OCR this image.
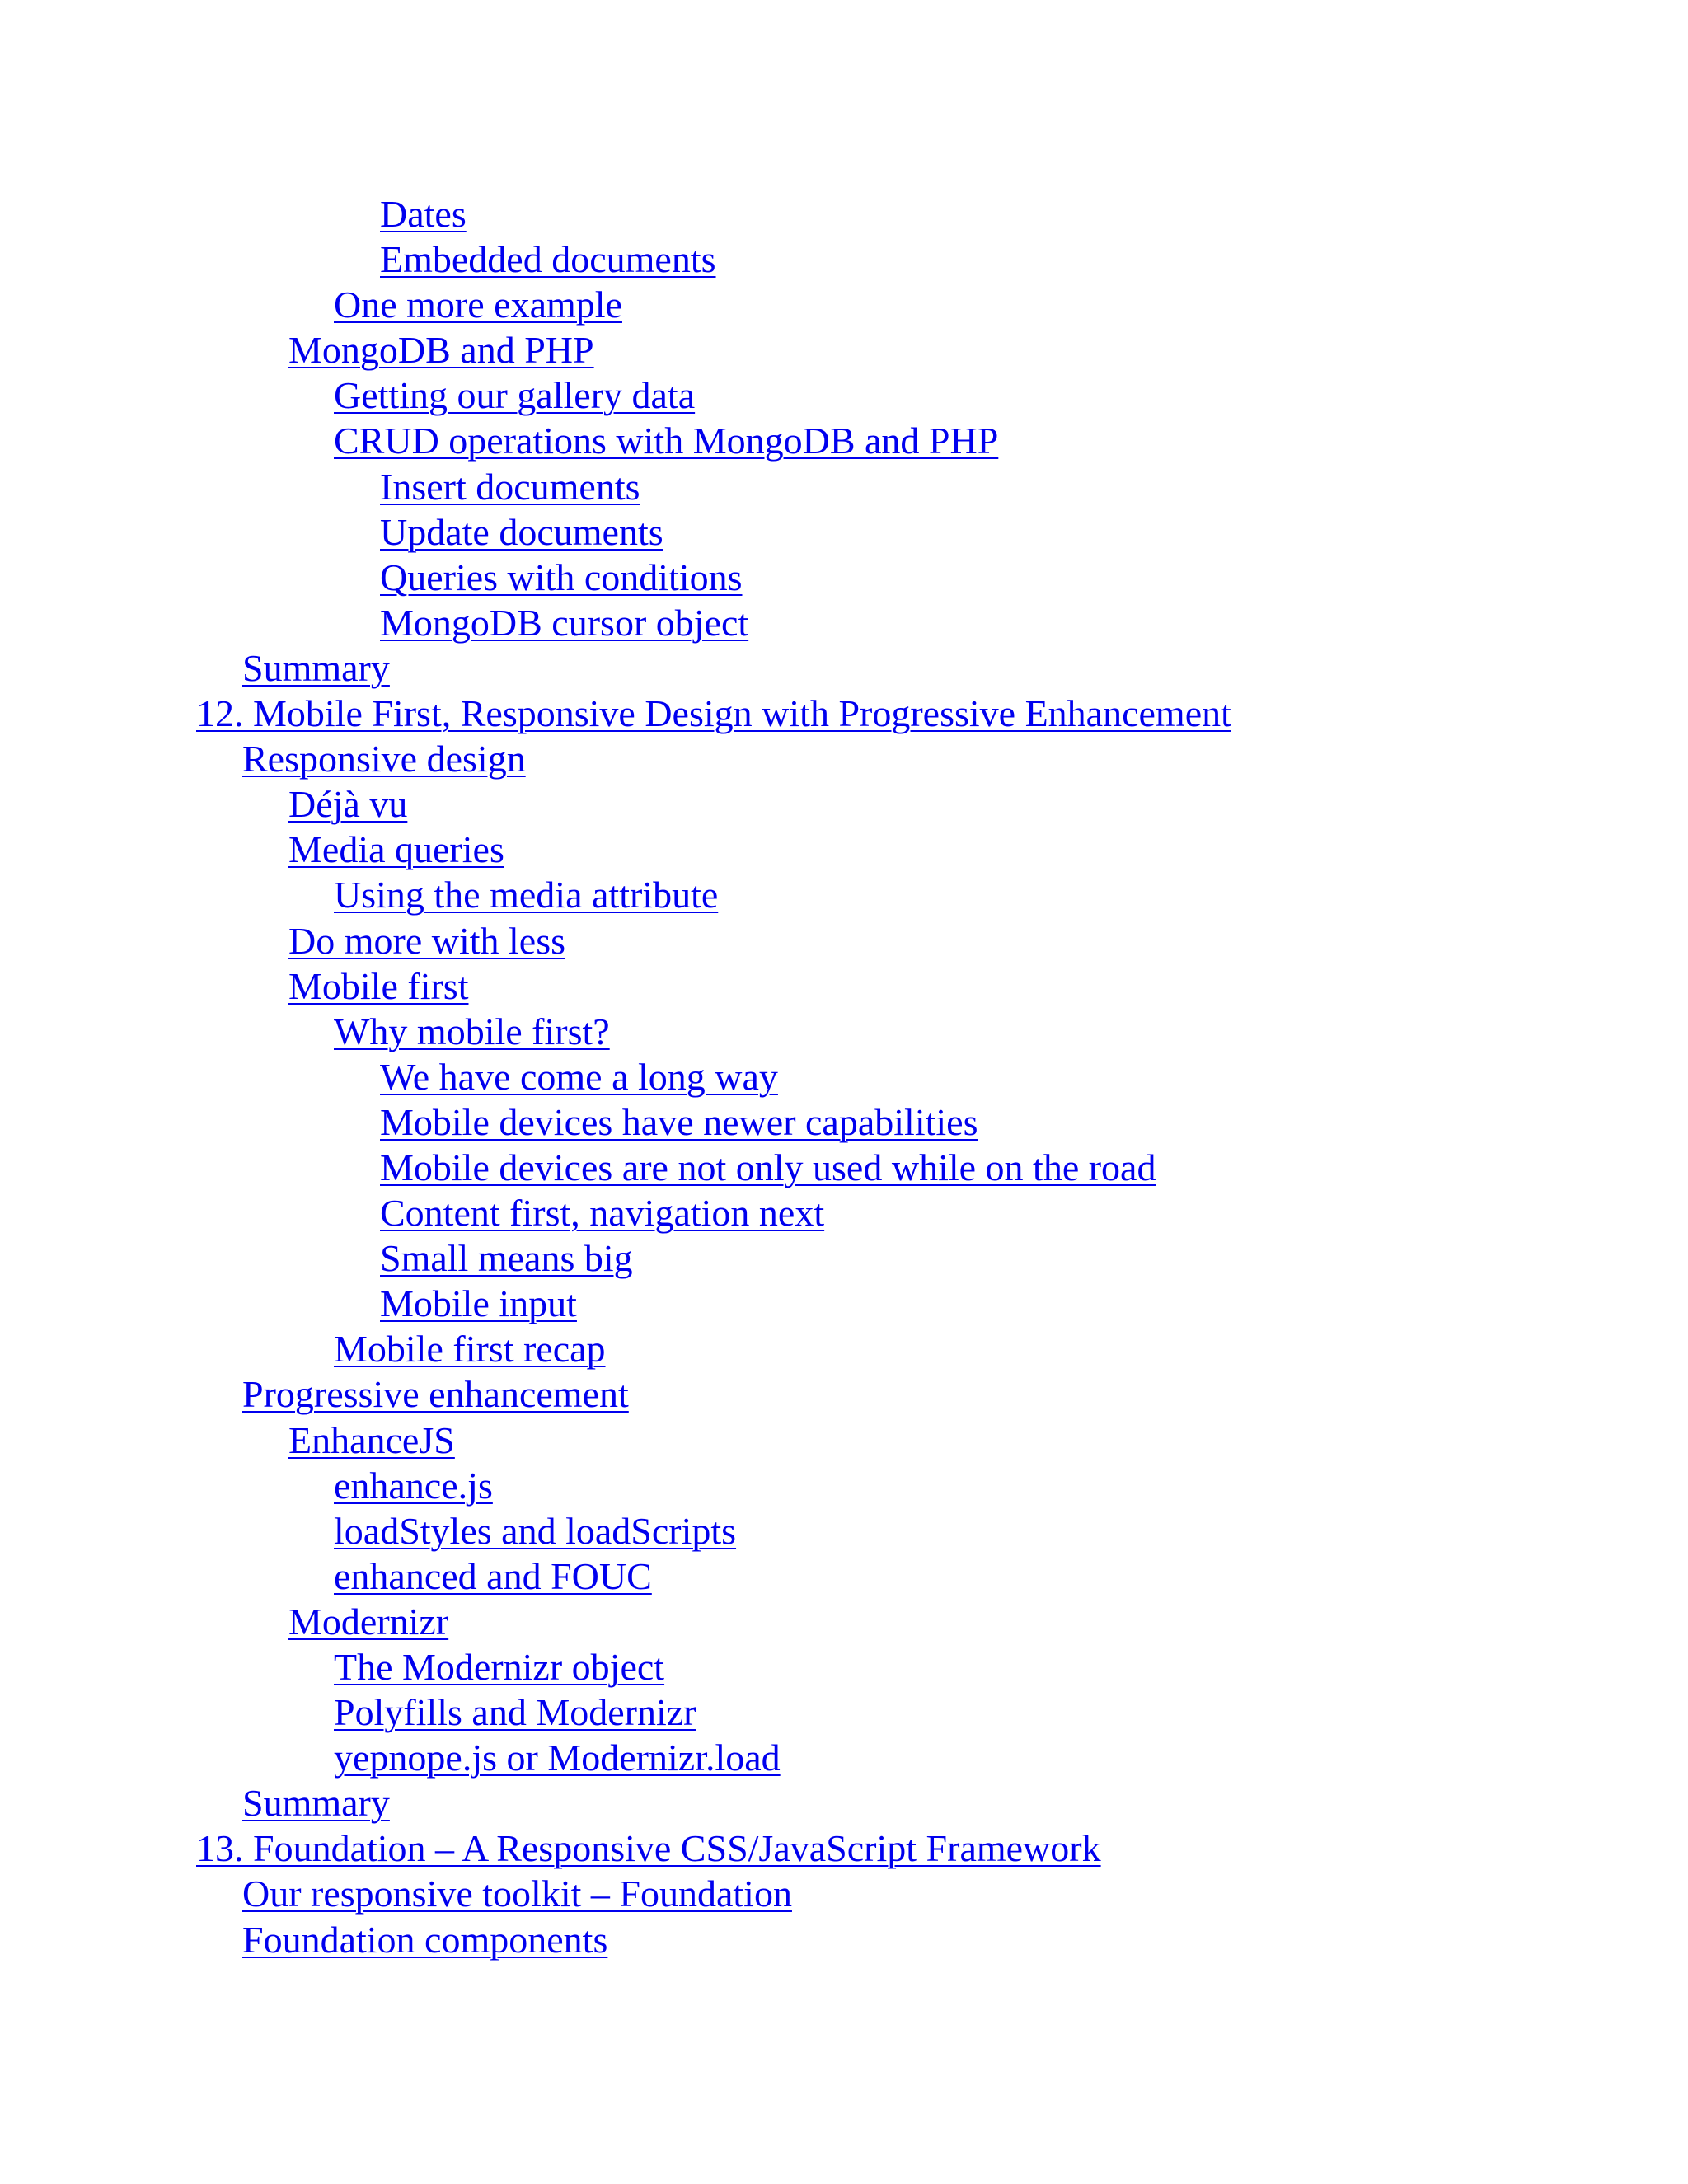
Dates
Embedded documents
One more example
MongoDB and PHP
Getting our gallery data
CRUD operations with MongoDB and PHP
Insert documents
Update documents
Queries with conditions
MongoDB cursor object
Summary
12. Mobile First, Responsive Design with Progressive Enhancement
Responsive design
Déjà vu
Media queries
Using the media attribute
Do more with less
Mobile first
Why mobile first?
We have come a long way
Mobile devices have newer capabilities
Mobile devices are not only used while on the road
Content first, navigation next
Small means big
Mobile input
Mobile first recap
Progressive enhancement
EnhanceJS
enhance.js
loadStyles and loadScripts
enhanced and FOUC
Modernizr
The Modernizr object
Polyfills and Modernizr
yepnope.js or Modernizr.load
Summary
13. Foundation – A Responsive CSS/JavaScript Framework
Our responsive toolkit – Foundation
Foundation components
